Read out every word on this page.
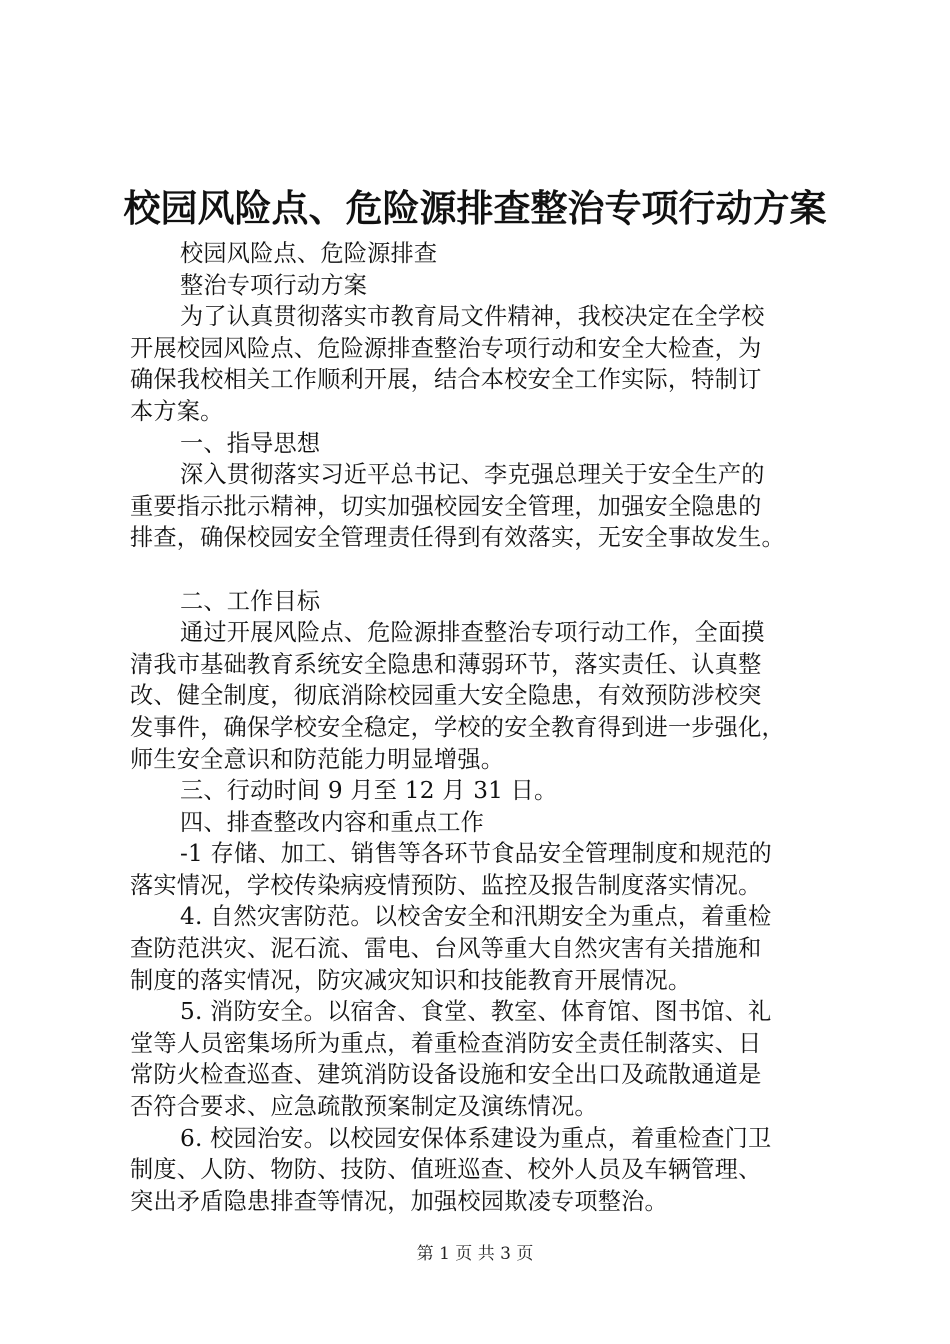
校园风险点、危险源排查整治专项行动方案
校园风险点、危险源排查
整治专项行动方案
为了认真贯彻落实市教育局文件精神，我校决定在全学校
开展校园风险点、危险源排查整治专项行动和安全大检查，为
确保我校相关工作顺利开展，结合本校安全工作实际，特制订
本方案。
一、指导思想
深入贯彻落实习近平总书记、李克强总理关于安全生产的
重要指示批示精神，切实加强校园安全管理，加强安全隐患的
排查，确保校园安全管理责任得到有效落实，无安全事故发生。
二、工作目标
通过开展风险点、危险源排查整治专项行动工作，全面摸
清我市基础教育系统安全隐患和薄弱环节，落实责任、认真整
改、健全制度，彻底消除校园重大安全隐患，有效预防涉校突
发事件，确保学校安全稳定，学校的安全教育得到进一步强化，
师生安全意识和防范能力明显增强。
三、行动时间 9 月至 12 月 31 日。
四、排查整改内容和重点工作
-1 存储、加工、销售等各环节食品安全管理制度和规范的
落实情况，学校传染病疫情预防、监控及报告制度落实情况。
4. 自然灾害防范。以校舍安全和汛期安全为重点，着重检
查防范洪灾、泥石流、雷电、台风等重大自然灾害有关措施和
制度的落实情况，防灾减灾知识和技能教育开展情况。
5. 消防安全。以宿舍、食堂、教室、体育馆、图书馆、礼
堂等人员密集场所为重点，着重检查消防安全责任制落实、日
常防火检查巡查、建筑消防设备设施和安全出口及疏散通道是
否符合要求、应急疏散预案制定及演练情况。
6. 校园治安。以校园安保体系建设为重点，着重检查门卫
制度、人防、物防、技防、值班巡查、校外人员及车辆管理、
突出矛盾隐患排查等情况，加强校园欺凌专项整治。
第 1 页 共 3 页
